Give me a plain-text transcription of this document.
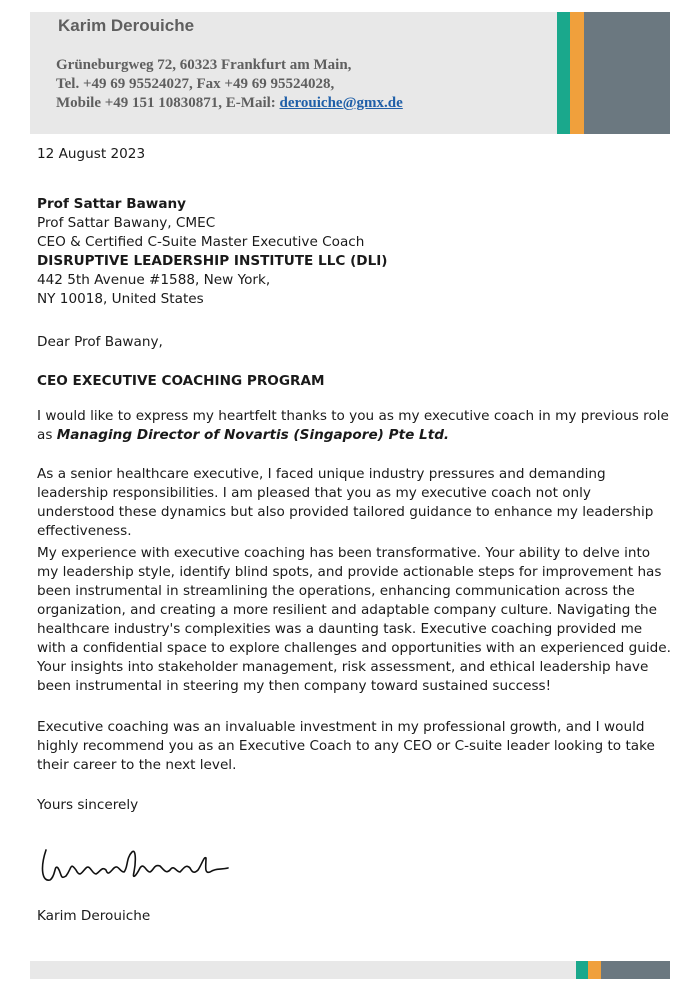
Karim Derouiche
Grüneburgweg 72, 60323 Frankfurt am Main,
Tel. +49 69 95524027, Fax +49 69 95524028,
Mobile +49 151 10830871, E-Mail: derouiche@gmx.de
12 August 2023
Prof Sattar Bawany
Prof Sattar Bawany, CMEC
CEO & Certified C-Suite Master Executive Coach
DISRUPTIVE LEADERSHIP INSTITUTE LLC (DLI)
442 5th Avenue #1588, New York,
NY 10018, United States
Dear Prof Bawany,
CEO EXECUTIVE COACHING PROGRAM
I would like to express my heartfelt thanks to you as my executive coach in my previous role as Managing Director of Novartis (Singapore) Pte Ltd.
As a senior healthcare executive, I faced unique industry pressures and demanding leadership responsibilities. I am pleased that you as my executive coach not only understood these dynamics but also provided tailored guidance to enhance my leadership effectiveness.
My experience with executive coaching has been transformative. Your ability to delve into my leadership style, identify blind spots, and provide actionable steps for improvement has been instrumental in streamlining the operations, enhancing communication across the organization, and creating a more resilient and adaptable company culture. Navigating the healthcare industry's complexities was a daunting task. Executive coaching provided me with a confidential space to explore challenges and opportunities with an experienced guide. Your insights into stakeholder management, risk assessment, and ethical leadership have been instrumental in steering my then company toward sustained success!
Executive coaching was an invaluable investment in my professional growth, and I would highly recommend you as an Executive Coach to any CEO or C-suite leader looking to take their career to the next level.
Yours sincerely
Karim Derouiche
